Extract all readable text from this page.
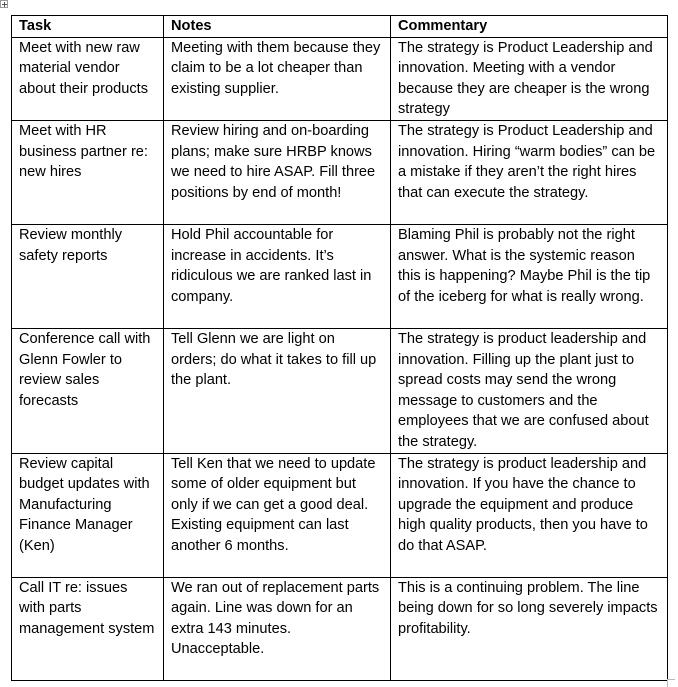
Task	Notes	Commentary
Meet with new raw material vendor about their products	Meeting with them because they claim to be a lot cheaper than existing supplier.	The strategy is Product Leadership and innovation. Meeting with a vendor because they are cheaper is the wrong strategy
Meet with HR business partner re: new hires	Review hiring and on-boarding plans; make sure HRBP knows we need to hire ASAP. Fill three positions by end of month!	The strategy is Product Leadership and innovation. Hiring “warm bodies” can be a mistake if they aren’t the right hires that can execute the strategy.
Review monthly safety reports	Hold Phil accountable for increase in accidents. It’s ridiculous we are ranked last in company.	Blaming Phil is probably not the right answer. What is the systemic reason this is happening? Maybe Phil is the tip of the iceberg for what is really wrong.
Conference call with Glenn Fowler to review sales forecasts	Tell Glenn we are light on orders; do what it takes to fill up the plant.	The strategy is product leadership and innovation. Filling up the plant just to spread costs may send the wrong message to customers and the employees that we are confused about the strategy.
Review capital budget updates with Manufacturing Finance Manager (Ken)	Tell Ken that we need to update some of older equipment but only if we can get a good deal. Existing equipment can last another 6 months.	The strategy is product leadership and innovation. If you have the chance to upgrade the equipment and produce high quality products, then you have to do that ASAP.
Call IT re: issues with parts management system	We ran out of replacement parts again. Line was down for an extra 143 minutes. Unacceptable.	This is a continuing problem. The line being down for so long severely impacts profitability.
